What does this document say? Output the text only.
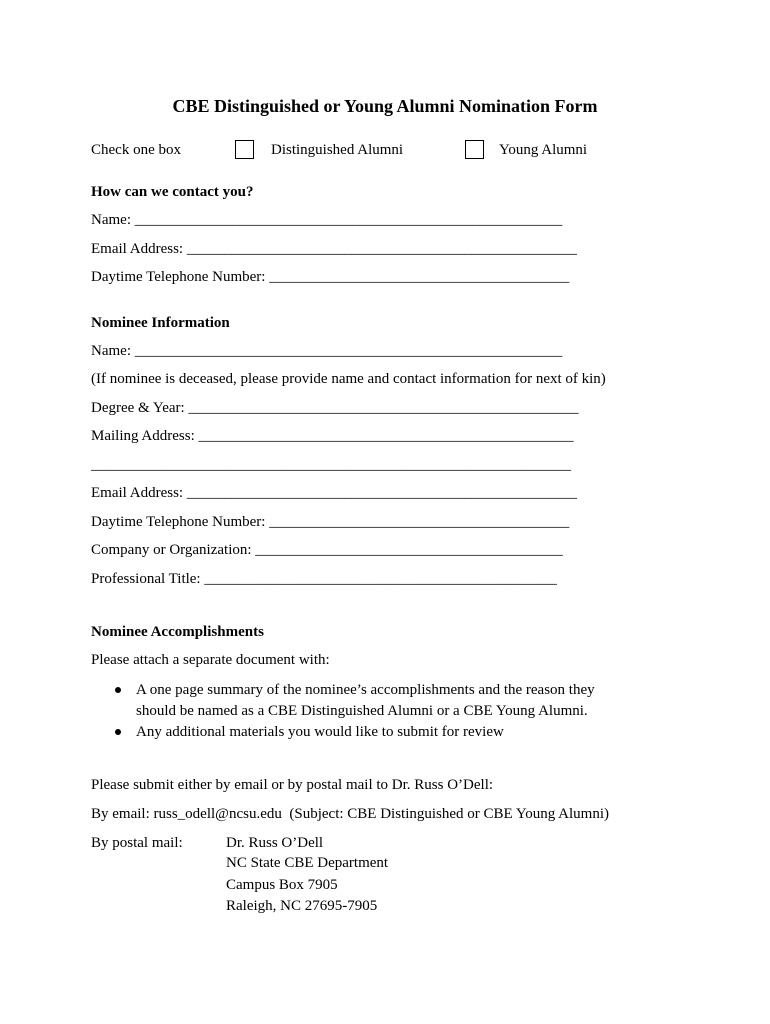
CBE Distinguished or Young Alumni Nomination Form
Check one box	Distinguished Alumni	Young Alumni
How can we contact you?
Name: _________________________________________________________
Email Address: ____________________________________________________
Daytime Telephone Number: ________________________________________
Nominee Information
Name: _________________________________________________________
(If nominee is deceased, please provide name and contact information for next of kin)
Degree & Year: ____________________________________________________
Mailing Address: __________________________________________________
________________________________________________________________
Email Address: ____________________________________________________
Daytime Telephone Number: ________________________________________
Company or Organization: _________________________________________
Professional Title: _______________________________________________
Nominee Accomplishments
Please attach a separate document with:
A one page summary of the nominee’s accomplishments and the reason they
should be named as a CBE Distinguished Alumni or a CBE Young Alumni.
Any additional materials you would like to submit for review
Please submit either by email or by postal mail to Dr. Russ O’Dell:
By email: russ_odell@ncsu.edu  (Subject: CBE Distinguished or CBE Young Alumni)
By postal mail:	Dr. Russ O’Dell
NC State CBE Department
Campus Box 7905
Raleigh, NC 27695-7905
